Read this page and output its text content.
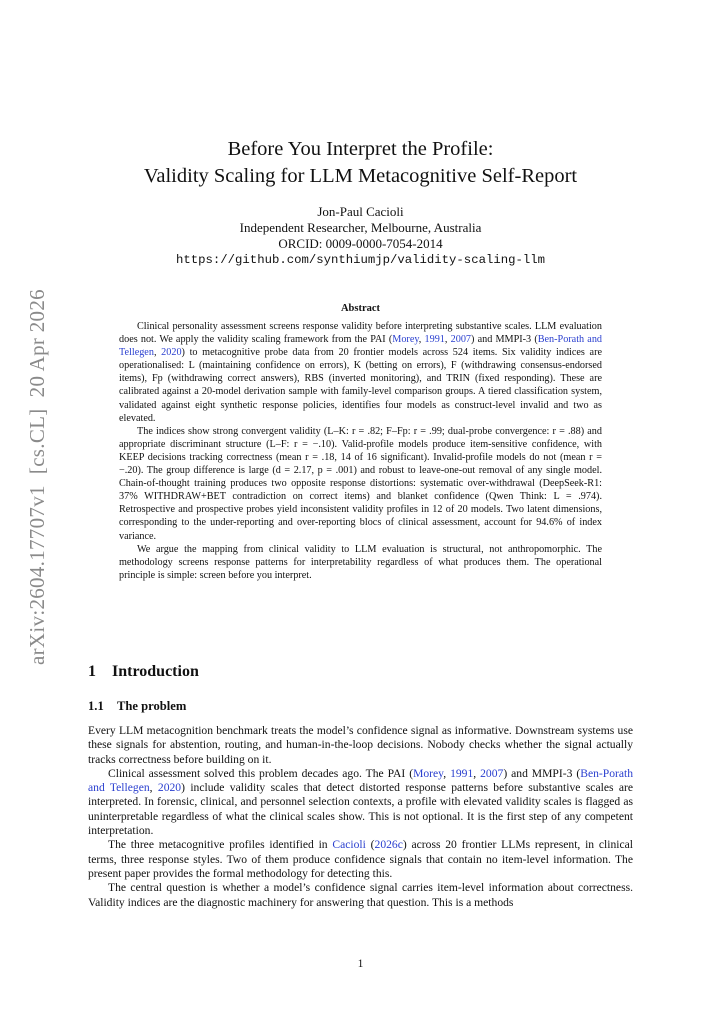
arXiv:2604.17707v1  [cs.CL]  20 Apr 2026
Before You Interpret the Profile:
Validity Scaling for LLM Metacognitive Self-Report
Jon-Paul Cacioli
Independent Researcher, Melbourne, Australia
ORCID: 0009-0000-7054-2014
https://github.com/synthiumjp/validity-scaling-llm
Abstract

Clinical personality assessment screens response validity before interpreting substantive scales. LLM evaluation does not. We apply the validity scaling framework from the PAI (Morey, 1991, 2007) and MMPI-3 (Ben-Porath and Tellegen, 2020) to metacognitive probe data from 20 frontier models across 524 items. Six validity indices are operationalised: L (maintaining confidence on errors), K (betting on errors), F (withdrawing consensus-endorsed items), Fp (withdrawing correct answers), RBS (inverted monitoring), and TRIN (fixed responding). These are calibrated against a 20-model derivation sample with family-level comparison groups. A tiered classification system, validated against eight synthetic response policies, identifies four models as construct-level invalid and two as elevated.

The indices show strong convergent validity (L–K: r = .82; F–Fp: r = .99; dual-probe convergence: r = .88) and appropriate discriminant structure (L–F: r = −.10). Valid-profile models produce item-sensitive confidence, with KEEP decisions tracking correctness (mean r = .18, 14 of 16 significant). Invalid-profile models do not (mean r = −.20). The group difference is large (d = 2.17, p = .001) and robust to leave-one-out removal of any single model. Chain-of-thought training produces two opposite response distortions: systematic over-withdrawal (DeepSeek-R1: 37% WITHDRAW+BET contradiction on correct items) and blanket confidence (Qwen Think: L = .974). Retrospective and prospective probes yield inconsistent validity profiles in 12 of 20 models. Two latent dimensions, corresponding to the under-reporting and over-reporting blocs of clinical assessment, account for 94.6% of index variance.

We argue the mapping from clinical validity to LLM evaluation is structural, not anthropomorphic. The methodology screens response patterns for interpretability regardless of what produces them. The operational principle is simple: screen before you interpret.

1 Introduction
1.1 The problem

Every LLM metacognition benchmark treats the model’s confidence signal as informative. Downstream systems use these signals for abstention, routing, and human-in-the-loop decisions. Nobody checks whether the signal actually tracks correctness before building on it.

Clinical assessment solved this problem decades ago. The PAI (Morey, 1991, 2007) and MMPI-3 (Ben-Porath and Tellegen, 2020) include validity scales that detect distorted response patterns before substantive scales are interpreted. In forensic, clinical, and personnel selection contexts, a profile with elevated validity scales is flagged as uninterpretable regardless of what the clinical scales show. This is not optional. It is the first step of any competent interpretation.

The three metacognitive profiles identified in Cacioli (2026c) across 20 frontier LLMs represent, in clinical terms, three response styles. Two of them produce confidence signals that contain no item-level information. The present paper provides the formal methodology for detecting this.

The central question is whether a model’s confidence signal carries item-level information about correctness. Validity indices are the diagnostic machinery for answering that question. This is a methods

1
